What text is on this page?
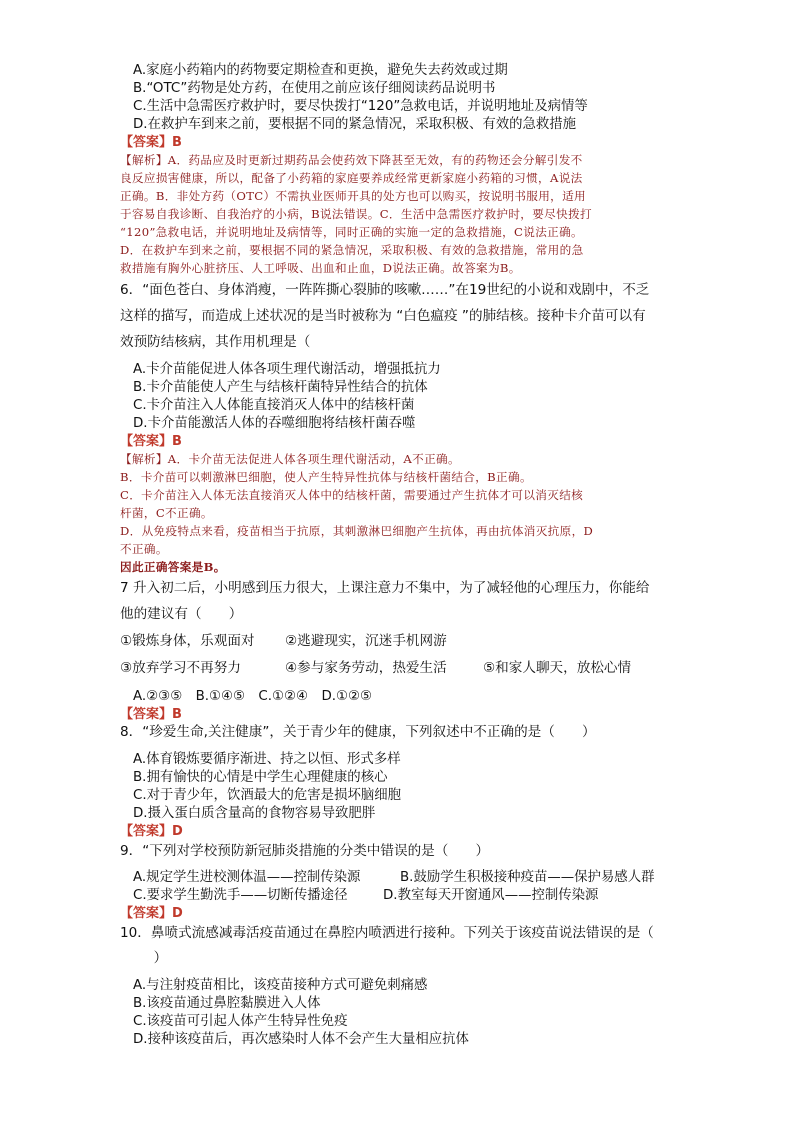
A.家庭小药箱内的药物要定期检查和更换，避免失去药效或过期
B.“OTC”药物是处方药，在使用之前应该仔细阅读药品说明书
C.生活中急需医疗救护时，要尽快拨打“120”急救电话，并说明地址及病情等
D.在救护车到来之前，要根据不同的紧急情况，采取积极、有效的急救措施
【答案】B
【解析】A．药品应及时更新过期药品会使药效下降甚至无效，有的药物还会分解引发不
良反应损害健康，所以，配备了小药箱的家庭要养成经常更新家庭小药箱的习惯，A说法
正确。B．非处方药（OTC）不需执业医师开具的处方也可以购买，按说明书服用，适用
于容易自我诊断、自我治疗的小病，B说法错误。C．生活中急需医疗救护时，要尽快拨打
“120”急救电话，并说明地址及病情等，同时正确的实施一定的急救措施，C说法正确。
D．在救护车到来之前，要根据不同的紧急情况，采取积极、有效的急救措施，常用的急
救措施有胸外心脏挤压、人工呼吸、出血和止血，D说法正确。故答案为B。
6．“面色苍白、身体消瘦，一阵阵撕心裂肺的咳嗽……”在19世纪的小说和戏剧中，不乏
这样的描写，而造成上述状况的是当时被称为 “白色瘟疫 ”的肺结核。接种卡介苗可以有
效预防结核病，其作用机理是（
A.卡介苗能促进人体各项生理代谢活动，增强抵抗力
B.卡介苗能使人产生与结核杆菌特异性结合的抗体
C.卡介苗注入人体能直接消灭人体中的结核杆菌
D.卡介苗能激活人体的吞噬细胞将结核杆菌吞噬
【答案】B
【解析】A．卡介苗无法促进人体各项生理代谢活动，A不正确。
B．卡介苗可以刺激淋巴细胞，使人产生特异性抗体与结核杆菌结合，B正确。
C．卡介苗注入人体无法直接消灭人体中的结核杆菌，需要通过产生抗体才可以消灭结核
杆菌，C不正确。
D．从免疫特点来看，疫苗相当于抗原，其刺激淋巴细胞产生抗体，再由抗体消灭抗原，D
不正确。
因此正确答案是B。
7 升入初二后，小明感到压力很大，上课注意力不集中，为了减轻他的心理压力，你能给
他的建议有（　　）
①锻炼身体，乐观面对 ②逃避现实，沉迷手机网游
③放弃学习不再努力	④参与家务劳动，热爱生活	⑤和家人聊天，放松心情
A.②③⑤　B.①④⑤　C.①②④　D.①②⑤
【答案】B
8．“珍爱生命,关注健康”，关于青少年的健康，下列叙述中不正确的是（　　）
A.体育锻炼要循序渐进、持之以恒、形式多样
B.拥有愉快的心情是中学生心理健康的核心
C.对于青少年，饮酒最大的危害是损坏脑细胞
D.摄入蛋白质含量高的食物容易导致肥胖
【答案】D
9．“下列对学校预防新冠肺炎措施的分类中错误的是（　　）
A.规定学生进校测体温——控制传染源	B.鼓励学生积极接种疫苗——保护易感人群
C.要求学生勤洗手——切断传播途径	D.教室每天开窗通风——控制传染源
【答案】D
10．鼻喷式流感减毒活疫苗通过在鼻腔内喷洒进行接种。下列关于该疫苗说法错误的是（
　）
A.与注射疫苗相比，该疫苗接种方式可避免刺痛感
B.该疫苗通过鼻腔黏膜进入人体
C.该疫苗可引起人体产生特异性免疫
D.接种该疫苗后，再次感染时人体不会产生大量相应抗体
